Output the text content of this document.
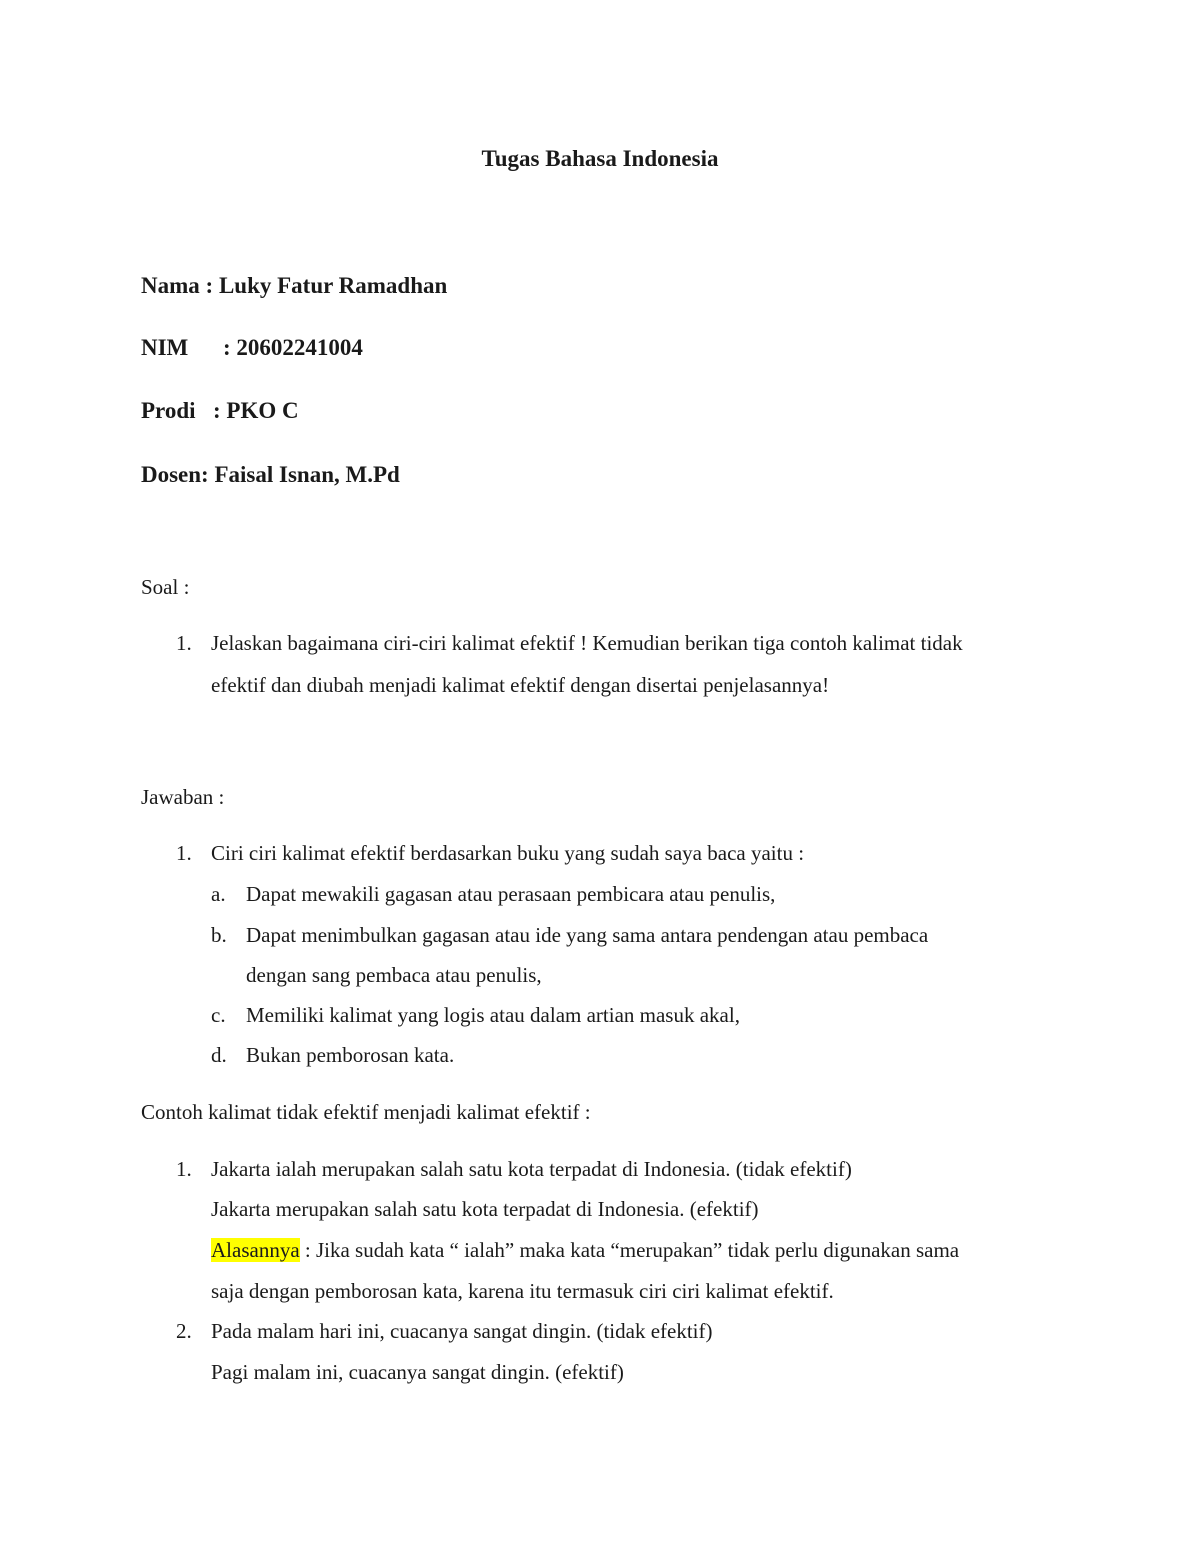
Tugas Bahasa Indonesia
Nama : Luky Fatur Ramadhan
NIM : 20602241004
Prodi : PKO C
Dosen: Faisal Isnan, M.Pd
Soal :
1. Jelaskan bagaimana ciri-ciri kalimat efektif ! Kemudian berikan tiga contoh kalimat tidak
efektif dan diubah menjadi kalimat efektif dengan disertai penjelasannya!
Jawaban :
1. Ciri ciri kalimat efektif berdasarkan buku yang sudah saya baca yaitu :
a. Dapat mewakili gagasan atau perasaan pembicara atau penulis,
b. Dapat menimbulkan gagasan atau ide yang sama antara pendengan atau pembaca
dengan sang pembaca atau penulis,
c. Memiliki kalimat yang logis atau dalam artian masuk akal,
d. Bukan pemborosan kata.
Contoh kalimat tidak efektif menjadi kalimat efektif :
1. Jakarta ialah merupakan salah satu kota terpadat di Indonesia. (tidak efektif)
Jakarta merupakan salah satu kota terpadat di Indonesia. (efektif)
Alasannya : Jika sudah kata “ ialah” maka kata “merupakan” tidak perlu digunakan sama
saja dengan pemborosan kata, karena itu termasuk ciri ciri kalimat efektif.
2. Pada malam hari ini, cuacanya sangat dingin. (tidak efektif)
Pagi malam ini, cuacanya sangat dingin. (efektif)
